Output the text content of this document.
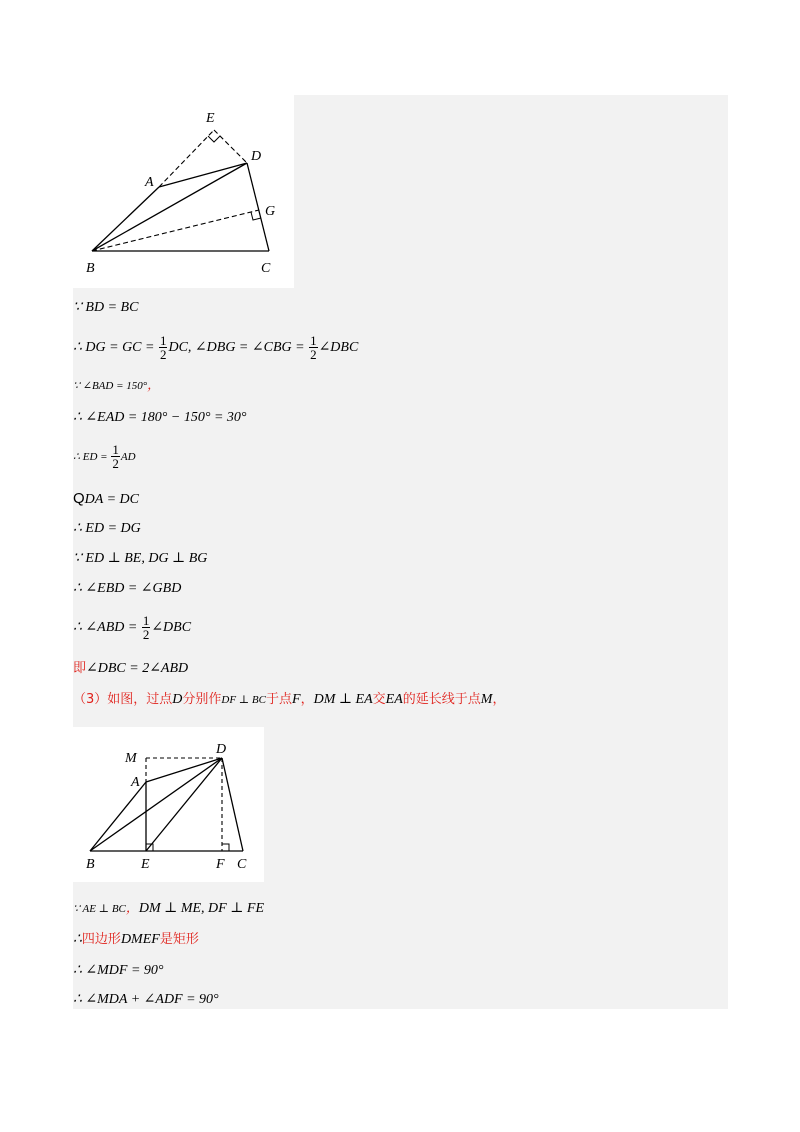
E
D
A
G
B	C
∵ BD = BC
∴ DG = GC = $\frac{1}{2}$ DC, ∠DBG = ∠CBG = $\frac{1}{2}$ ∠DBC
∵ ∠BAD = 150°，
∴ ∠EAD = 180° − 150° = 30°
∴ ED = $\frac{1}{2}$ AD
QDA = DC
∴ ED = DG
∵ ED ⊥ BE, DG ⊥ BG
∴ ∠EBD = ∠GBD
∴ ∠ABD = $\frac{1}{2}$ ∠DBC
即∠DBC = 2∠ABD
（3）如图，过点D分别作DF ⊥ BC于点F，DM ⊥ EA交EA的延长线于点M，
M
D
A
B	E	F C
∵ AE ⊥ BC，DM ⊥ ME, DF ⊥ FE
∴四边形DMEF是矩形
∴ ∠MDF = 90°
∴ ∠MDA + ∠ADF = 90°
